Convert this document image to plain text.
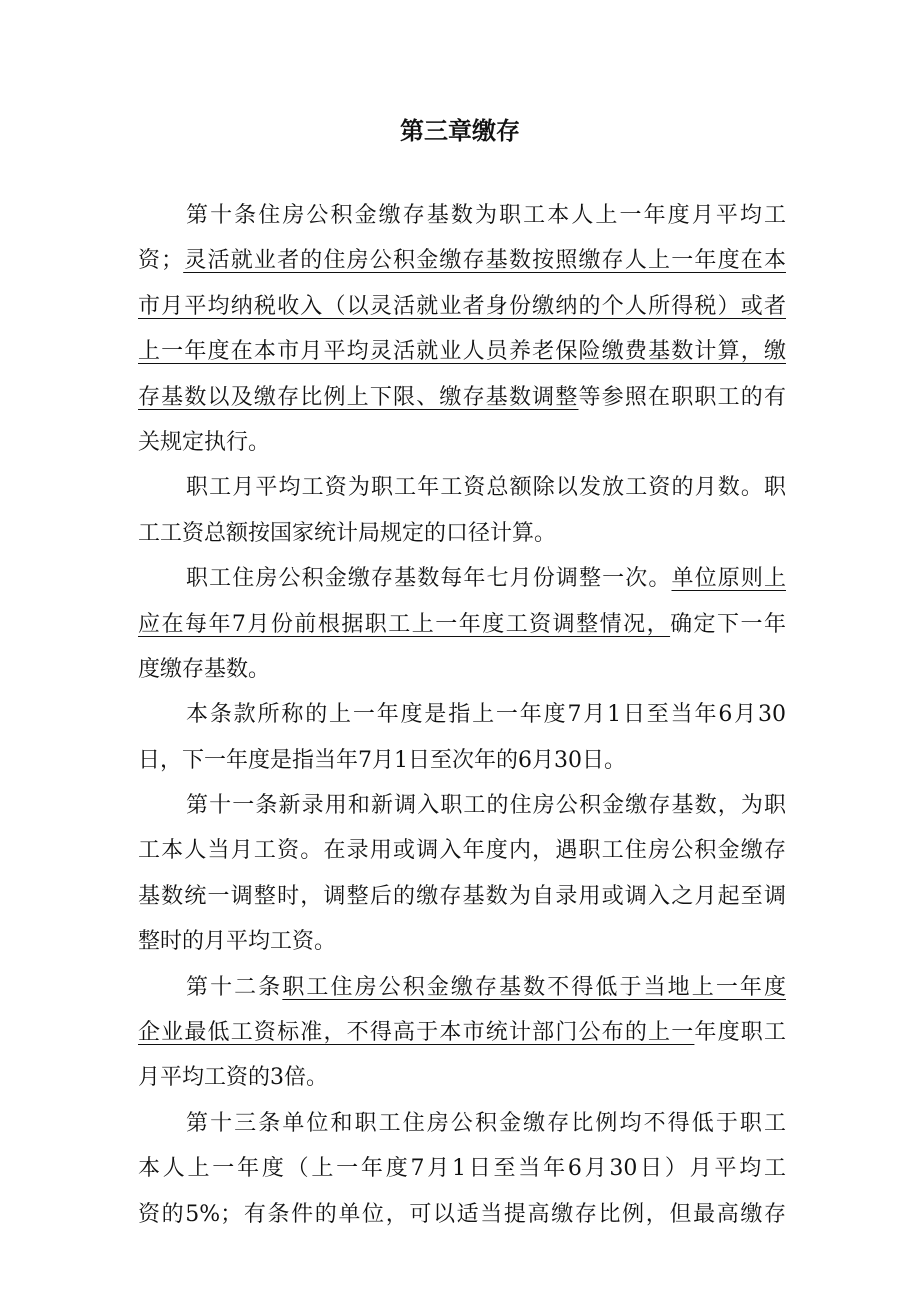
第三章缴存
第十条住房公积金缴存基数为职工本人上一年度月平均工
资；灵活就业者的住房公积金缴存基数按照缴存人上一年度在本
市月平均纳税收入（以灵活就业者身份缴纳的个人所得税）或者
上一年度在本市月平均灵活就业人员养老保险缴费基数计算，缴
存基数以及缴存比例上下限、缴存基数调整等参照在职职工的有
关规定执行。
职工月平均工资为职工年工资总额除以发放工资的月数。职
工工资总额按国家统计局规定的口径计算。
职工住房公积金缴存基数每年七月份调整一次。单位原则上
应在每年7月份前根据职工上一年度工资调整情况，确定下一年
度缴存基数。
本条款所称的上一年度是指上一年度7月1日至当年6月30
日，下一年度是指当年7月1日至次年的6月30日。
第十一条新录用和新调入职工的住房公积金缴存基数，为职
工本人当月工资。在录用或调入年度内，遇职工住房公积金缴存
基数统一调整时，调整后的缴存基数为自录用或调入之月起至调
整时的月平均工资。
第十二条职工住房公积金缴存基数不得低于当地上一年度
企业最低工资标准，不得高于本市统计部门公布的上一年度职工
月平均工资的3倍。
第十三条单位和职工住房公积金缴存比例均不得低于职工
本人上一年度（上一年度7月1日至当年6月30日）月平均工
资的5%；有条件的单位，可以适当提高缴存比例，但最高缴存
